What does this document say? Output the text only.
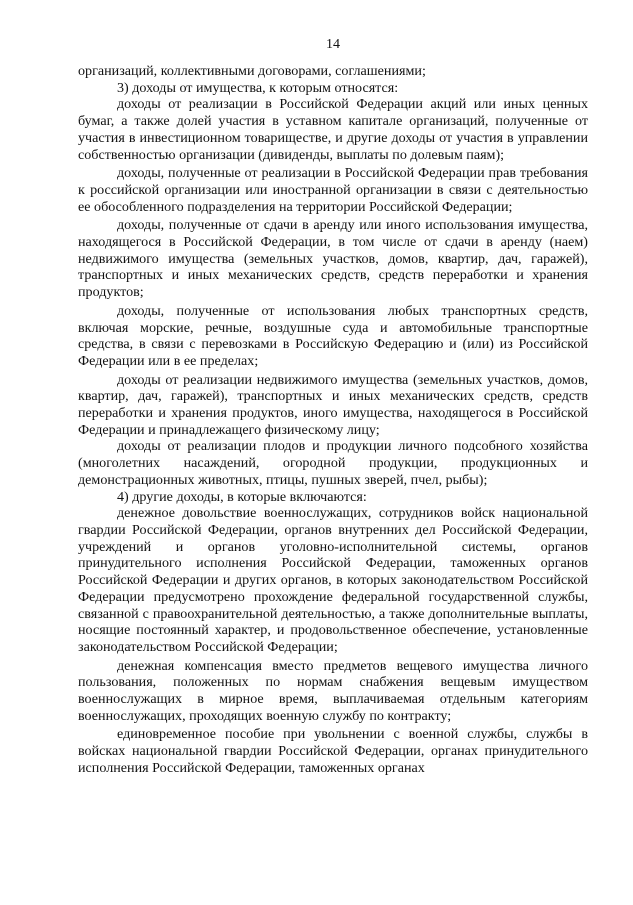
14

организаций, коллективными договорами, соглашениями;

3) доходы от имущества, к которым относятся:

доходы от реализации в Российской Федерации акций или иных ценных бумаг, а также долей участия в уставном капитале организаций, полученные от участия в инвестиционном товариществе, и другие доходы от участия в управлении собственностью организации (дивиденды, выплаты по долевым паям);

доходы, полученные от реализации в Российской Федерации прав требования к российской организации или иностранной организации в связи с деятельностью ее обособленного подразделения на территории Российской Федерации;

доходы, полученные от сдачи в аренду или иного использования имущества, находящегося в Российской Федерации, в том числе от сдачи в аренду (наем) недвижимого имущества (земельных участков, домов, квартир, дач, гаражей), транспортных и иных механических средств, средств переработки и хранения продуктов;

доходы, полученные от использования любых транспортных средств, включая морские, речные, воздушные суда и автомобильные транспортные средства, в связи с перевозками в Российскую Федерацию и (или) из Российской Федерации или в ее пределах;

доходы от реализации недвижимого имущества (земельных участков, домов, квартир, дач, гаражей), транспортных и иных механических средств, средств переработки и хранения продуктов, иного имущества, находящегося в Российской Федерации и принадлежащего физическому лицу;

доходы от реализации плодов и продукции личного подсобного хозяйства (многолетних насаждений, огородной продукции, продукционных и демонстрационных животных, птицы, пушных зверей, пчел, рыбы);

4) другие доходы, в которые включаются:

денежное довольствие военнослужащих, сотрудников войск национальной гвардии Российской Федерации, органов внутренних дел Российской Федерации, учреждений и органов уголовно-исполнительной системы, органов принудительного исполнения Российской Федерации, таможенных органов Российской Федерации и других органов, в которых законодательством Российской Федерации предусмотрено прохождение федеральной государственной службы, связанной с правоохранительной деятельностью, а также дополнительные выплаты, носящие постоянный характер, и продовольственное обеспечение, установленные законодательством Российской Федерации;

денежная компенсация вместо предметов вещевого имущества личного пользования, положенных по нормам снабжения вещевым имуществом военнослужащих в мирное время, выплачиваемая отдельным категориям военнослужащих, проходящих военную службу по контракту;

единовременное пособие при увольнении с военной службы, службы в войсках национальной гвардии Российской Федерации, органах принудительного исполнения Российской Федерации, таможенных органах
